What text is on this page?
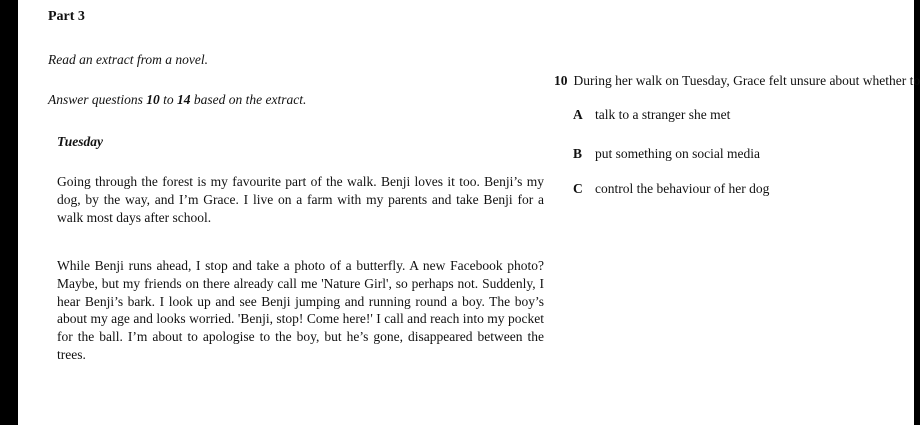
Part 3
Read an extract from a novel.
Answer questions 10 to 14 based on the extract.
Tuesday
Going through the forest is my favourite part of the walk. Benji loves it too. Benji’s my dog, by the way, and I’m Grace. I live on a farm with my parents and take Benji for a walk most days after school.
While Benji runs ahead, I stop and take a photo of a butterfly. A new Facebook photo? Maybe, but my friends on there already call me 'Nature Girl', so perhaps not. Suddenly, I hear Benji’s bark. I look up and see Benji jumping and running round a boy. The boy’s about my age and looks worried. 'Benji, stop! Come here!' I call and reach into my pocket for the ball. I’m about to apologise to the boy, but he’s gone, disappeared between the trees.
10 During her walk on Tuesday, Grace felt unsure about whether to
A talk to a stranger she met
B put something on social media
C control the behaviour of her dog
